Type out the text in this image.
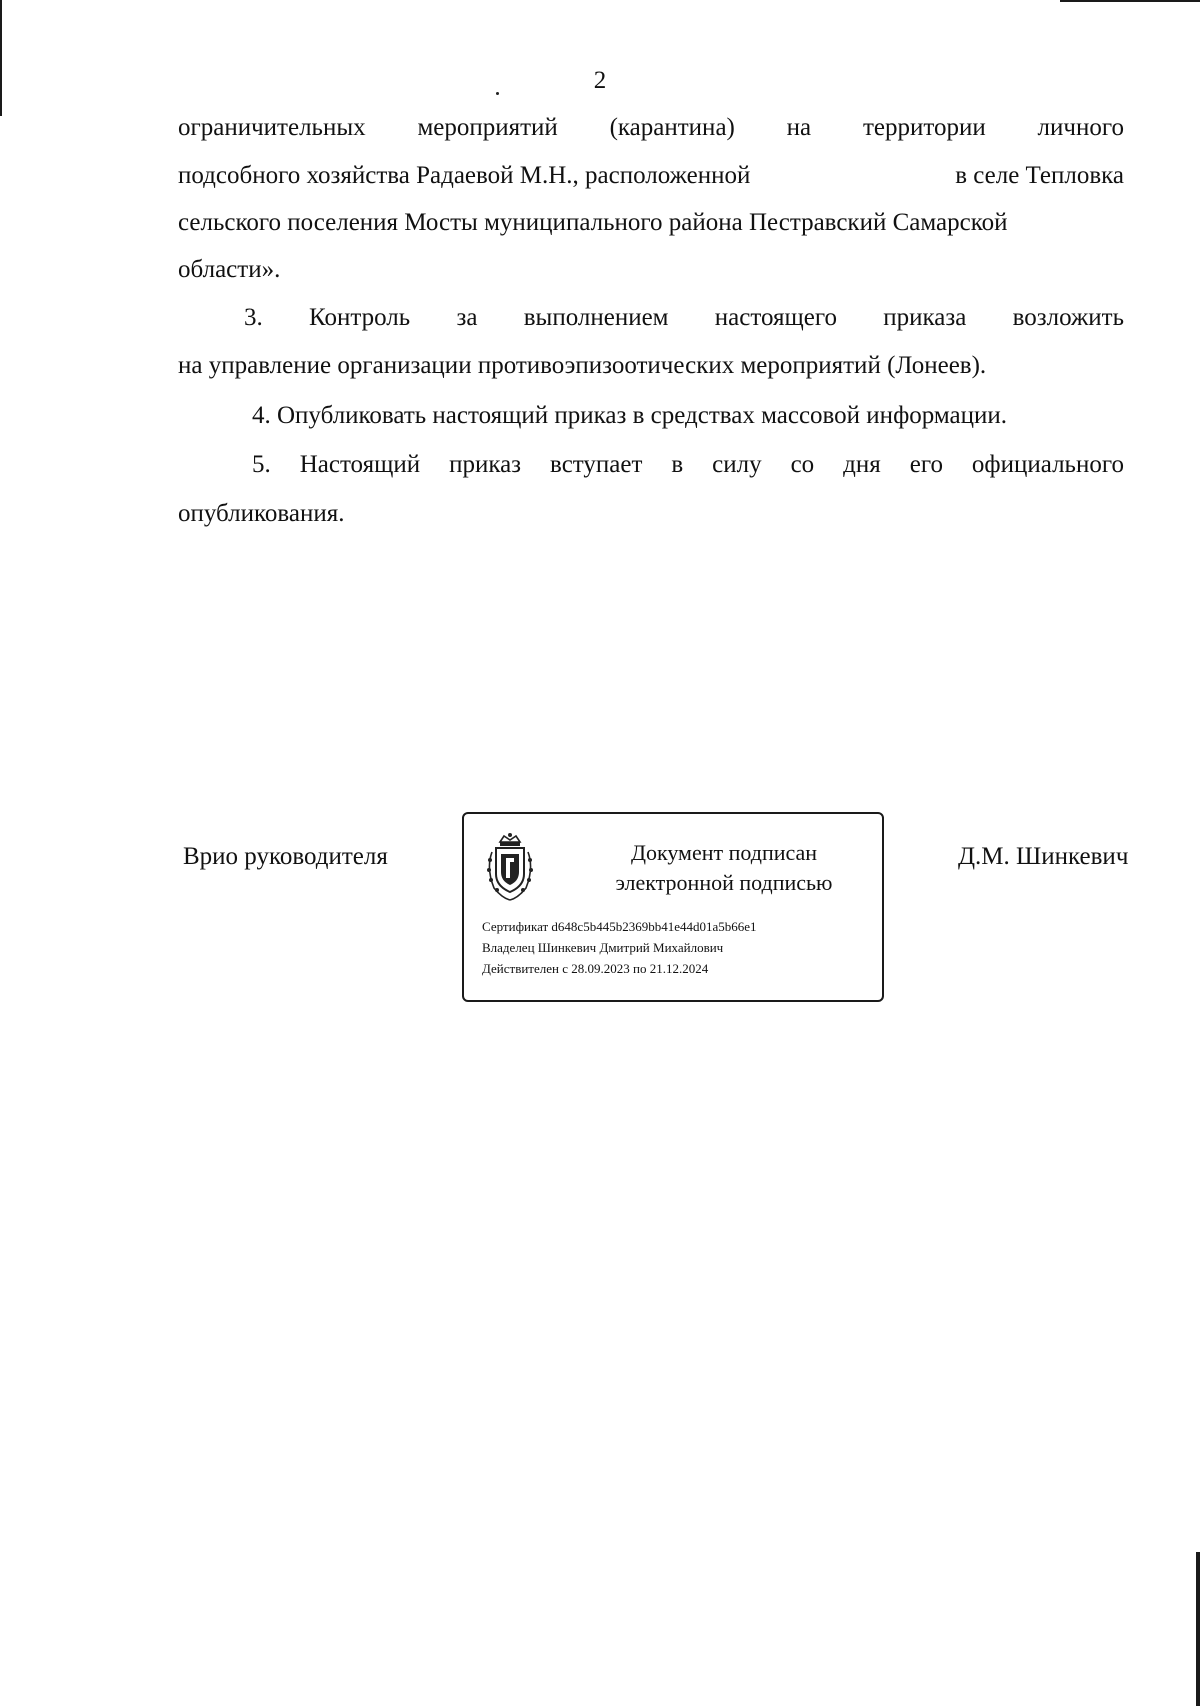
2
ограничительных мероприятий (карантина) на территории личного
подсобного хозяйства Радаевой М.Н., расположенной	в селе Тепловка
сельского поселения Мосты муниципального района Пестравский Самарской
области».
3. Контроль за выполнением настоящего приказа возложить
на управление организации противоэпизоотических мероприятий (Лонеев).
4. Опубликовать настоящий приказ в средствах массовой информации.
5. Настоящий приказ вступает в силу со дня его официального
опубликования.
Врио руководителя	Документ подписан
электронной подписью
Сертификат d648c5b445b2369bb41e44d01a5b66e1
Владелец Шинкевич Дмитрий Михайлович
Действителен с 28.09.2023 по 21.12.2024
Д.М. Шинкевич
